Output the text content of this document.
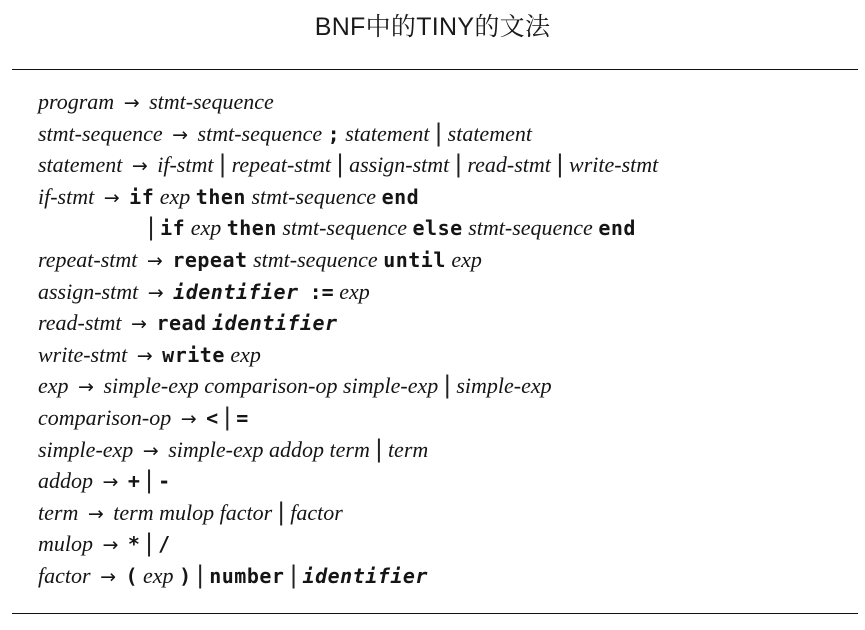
BNF中的TINY的文法
program → stmt-sequence
stmt-sequence → stmt-sequence ; statement | statement
statement → if-stmt | repeat-stmt | assign-stmt | read-stmt | write-stmt
if-stmt → if exp then stmt-sequence end
| if exp then stmt-sequence else stmt-sequence end
repeat-stmt → repeat stmt-sequence until exp
assign-stmt → identifier := exp
read-stmt → read identifier
write-stmt → write exp
exp → simple-exp comparison-op simple-exp | simple-exp
comparison-op → < | =
simple-exp → simple-exp addop term | term
addop → + | -
term → term mulop factor | factor
mulop → * | /
factor → ( exp ) | number | identifier
